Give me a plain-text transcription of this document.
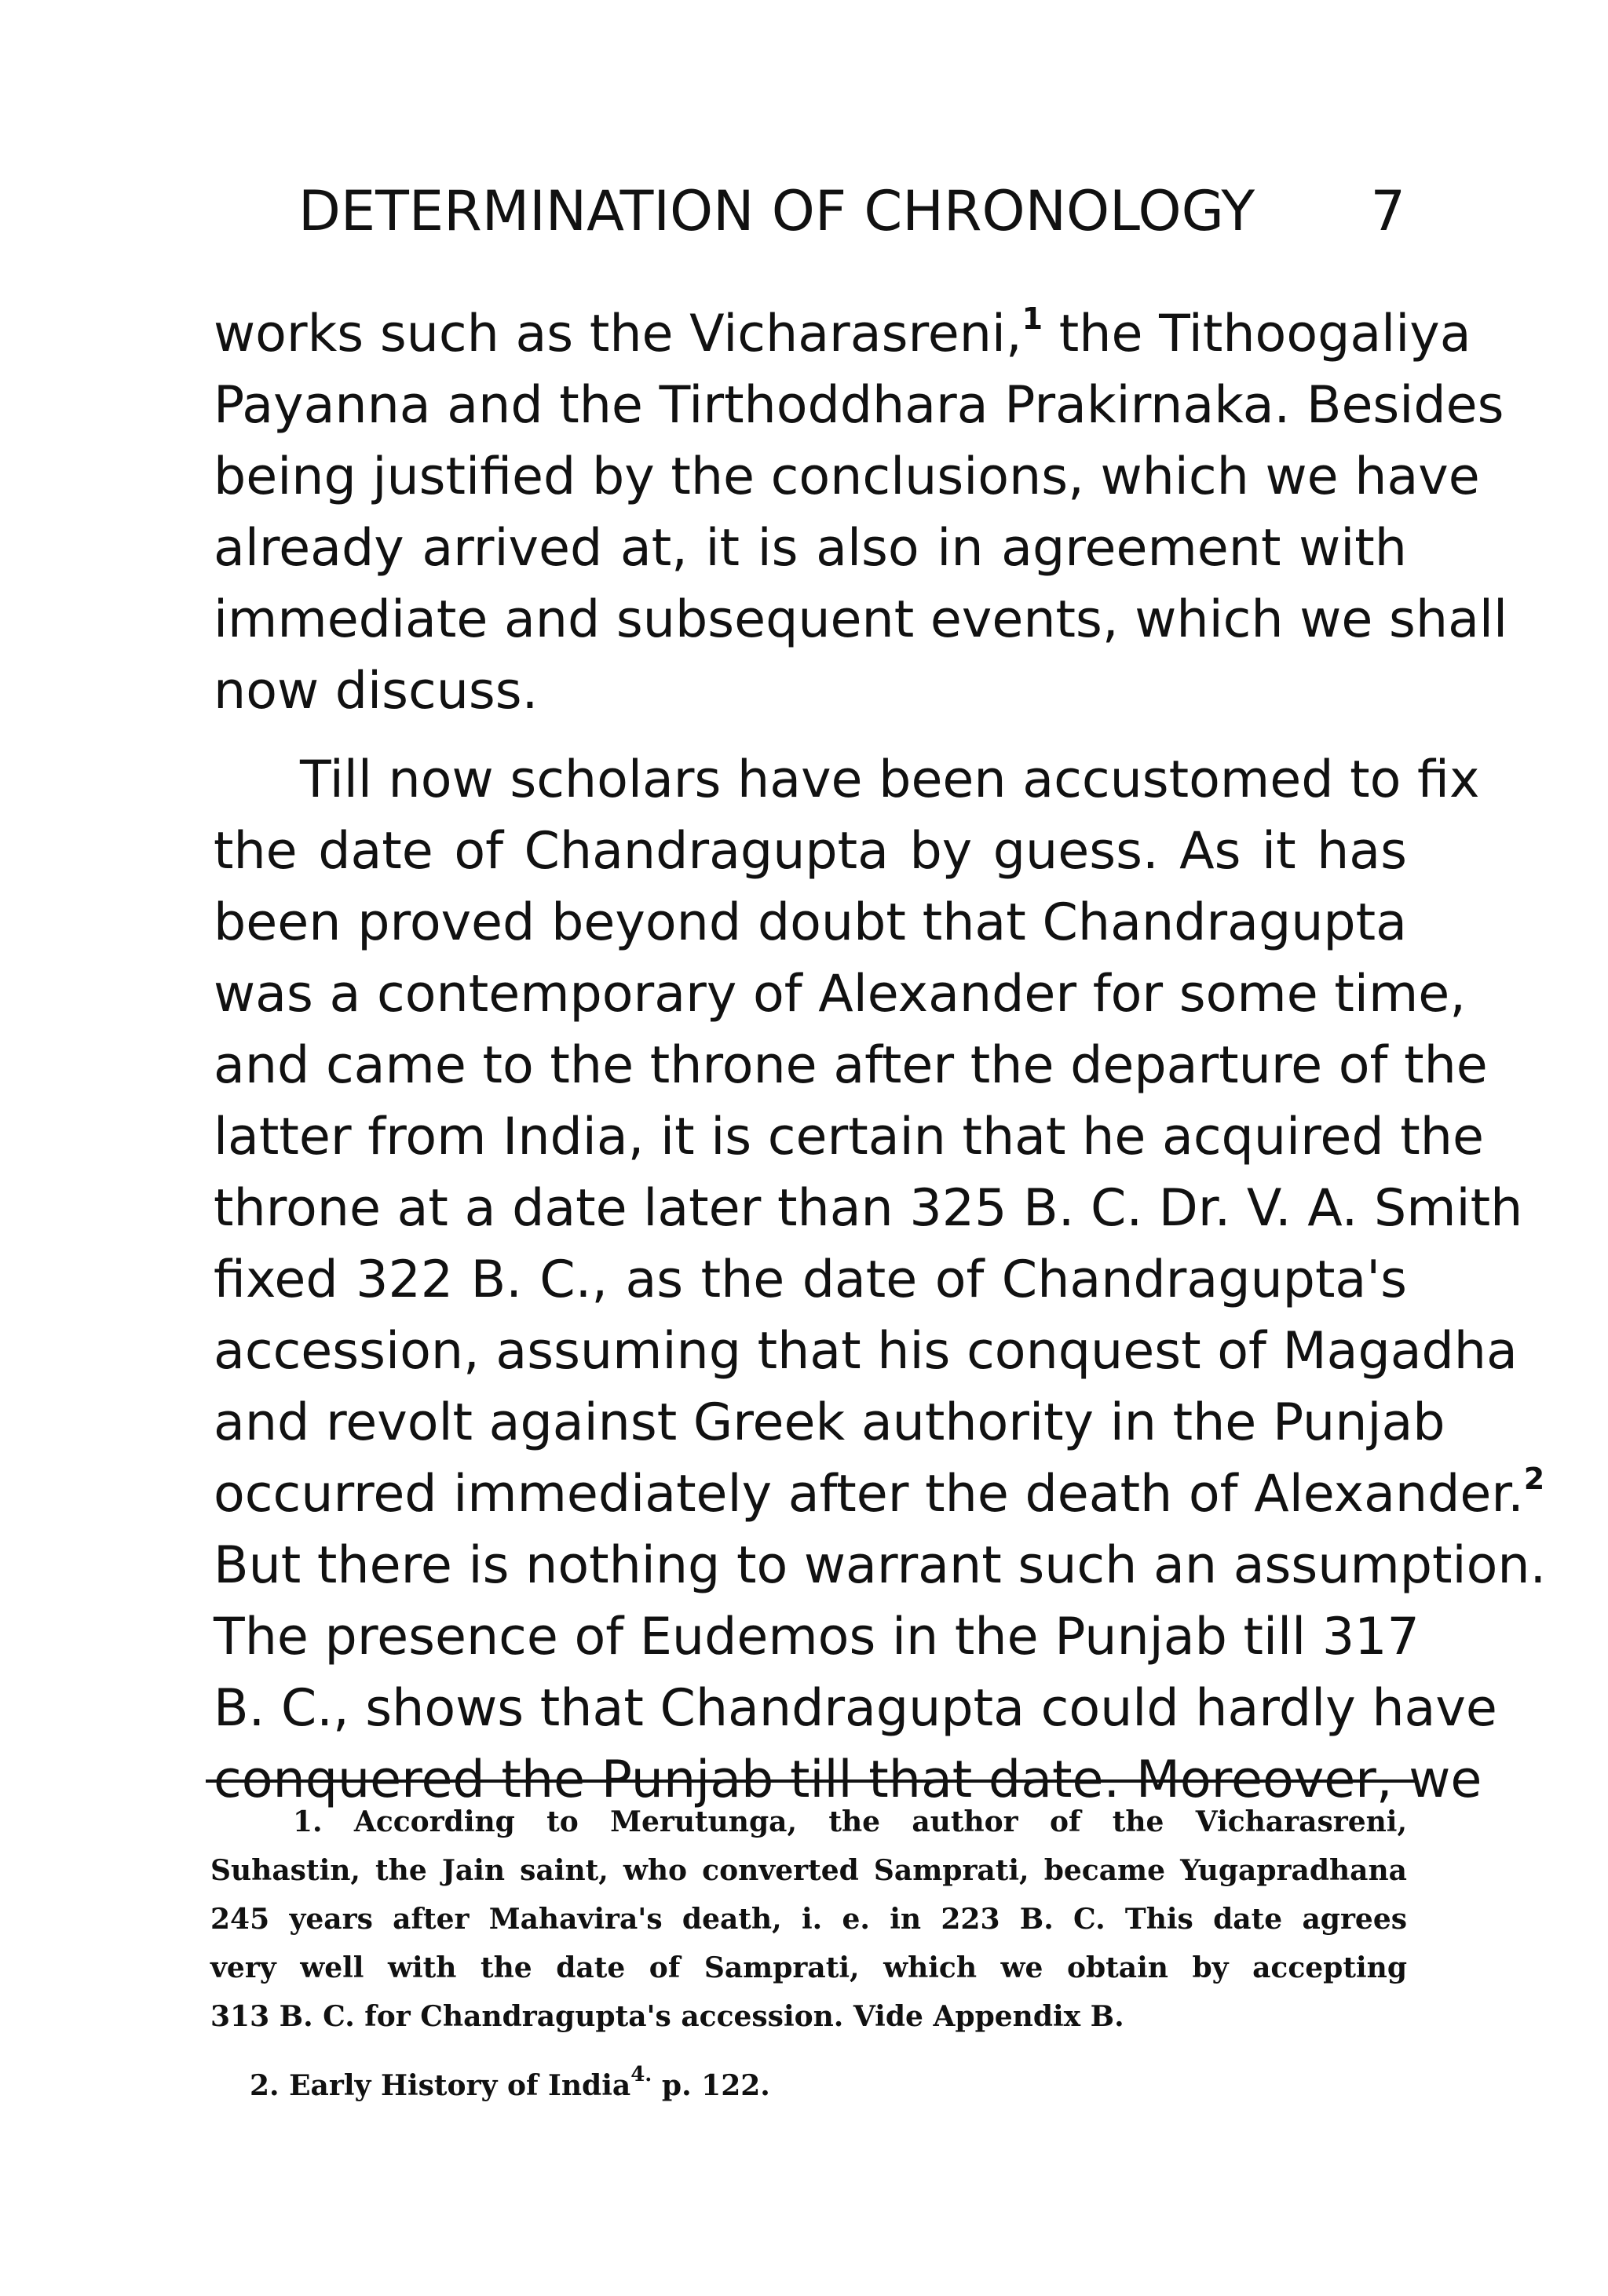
DETERMINATION OF CHRONOLOGY 7
works such as the Vicharasreni,$^1$ the Tithoogaliya
Payanna and the Tirthoddhara Prakirnaka. Besides
being justified by the conclusions, which we have
already arrived at, it is also in agreement with
immediate and subsequent events, which we shall
now discuss.
Till now scholars have been accustomed to fix
the date of Chandragupta by guess. As it has
been proved beyond doubt that Chandragupta
was a contemporary of Alexander for some time,
and came to the throne after the departure of the
latter from India, it is certain that he acquired the
throne at a date later than 325 B. C. Dr. V. A. Smith
fixed 322 B. C., as the date of Chandragupta's
accession, assuming that his conquest of Magadha
and revolt against Greek authority in the Punjab
occurred immediately after the death of Alexander.$^2$
But there is nothing to warrant such an assumption.
The presence of Eudemos in the Punjab till 317
B. C., shows that Chandragupta could hardly have
conquered the Punjab till that date. Moreover, we
1. According to Merutunga, the author of the Vicharasreni,
Suhastin, the Jain saint, who converted Samprati, became Yugapradhana
245 years after Mahavira's death, i. e. in 223 B. C. This date agrees
very well with the date of Samprati, which we obtain by accepting
313 B. C. for Chandragupta's accession. Vide Appendix B.
2. Early History of India$^{4.}$ p. 122.
